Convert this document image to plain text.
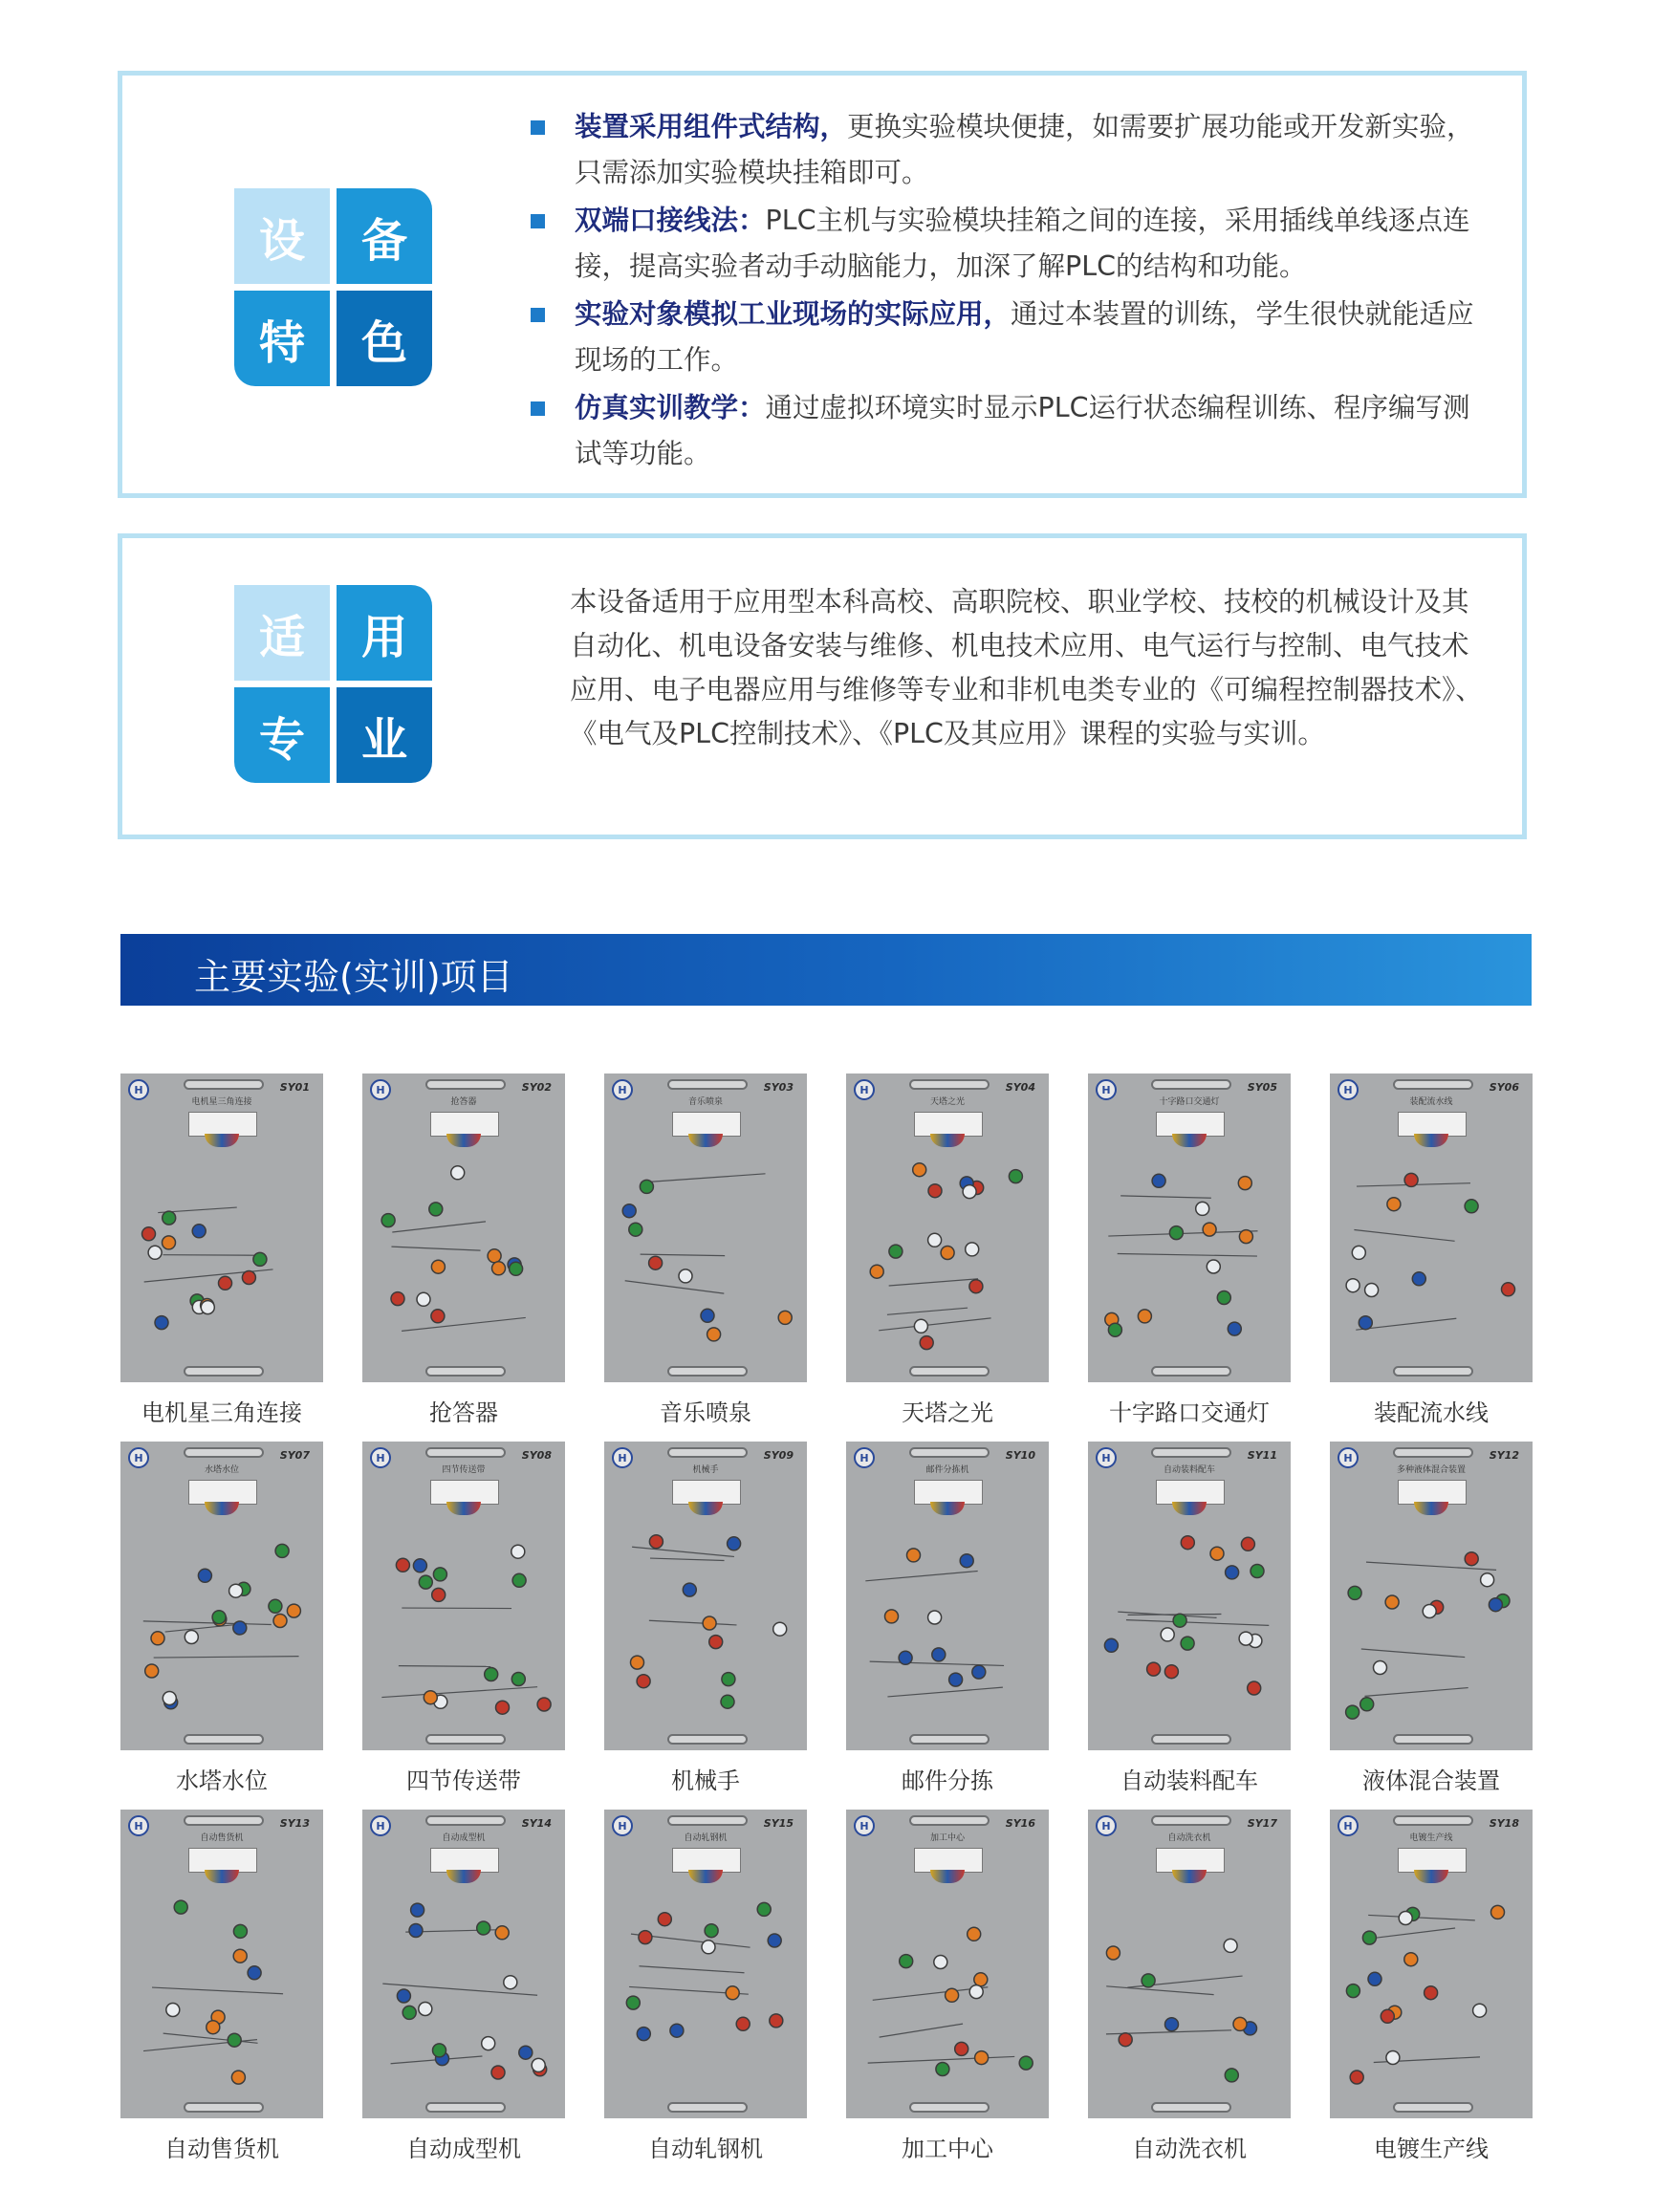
设	备
特	色
装置采用组件式结构，更换实验模块便捷，如需要扩展功能或开发新实验，只需添加实验模块挂箱即可。
双端口接线法：PLC主机与实验模块挂箱之间的连接，采用插线单线逐点连接，提高实验者动手动脑能力，加深了解PLC的结构和功能。
实验对象模拟工业现场的实际应用，通过本装置的训练，学生很快就能适应现场的工作。
仿真实训教学：通过虚拟环境实时显示PLC运行状态编程训练、程序编写测试等功能。
适	用
专	业

本设备适用于应用型本科高校、高职院校、职业学校、技校的机械设计及其自动化、机电设备安装与维修、机电技术应用、电气运行与控制、电气技术应用、电子电器应用与维修等专业和非机电类专业的《可编程控制器技术》、《电气及PLC控制技术》、《PLC及其应用》课程的实验与实训。

主要实验(实训)项目
H	SY01
电机星三角连接
电机星三角连接
H	SY02
抢答器
抢答器
H	SY03
音乐喷泉
音乐喷泉
H	SY04
天塔之光
天塔之光
H	SY05
十字路口交通灯
十字路口交通灯
H	SY06
装配流水线
装配流水线
H	SY07
水塔水位
水塔水位
H	SY08
四节传送带
四节传送带
H	SY09
机械手
机械手
H	SY10
邮件分拣机
邮件分拣
H	SY11
自动装料配车
自动装料配车
H	SY12
多种液体混合装置
液体混合装置
H	SY13
自动售货机
自动售货机
H	SY14
自动成型机
自动成型机
H	SY15
自动轧钢机
自动轧钢机
H	SY16
加工中心
加工中心
H	SY17
自动洗衣机
自动洗衣机
H	SY18
电镀生产线
电镀生产线
